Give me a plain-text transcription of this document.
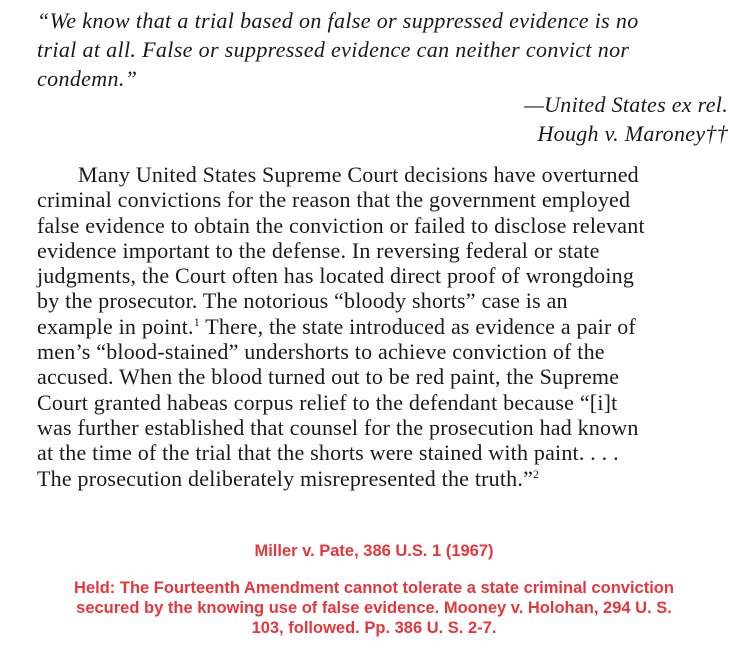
“We know that a trial based on false or suppressed evidence is no
trial at all. False or suppressed evidence can neither convict nor
condemn.”
—United States ex rel.
Hough v. Maroney††
Many United States Supreme Court decisions have overturned
criminal convictions for the reason that the government employed
false evidence to obtain the conviction or failed to disclose relevant
evidence important to the defense. In reversing federal or state
judgments, the Court often has located direct proof of wrongdoing
by the prosecutor. The notorious “bloody shorts” case is an
example in point.$^1$ There, the state introduced as evidence a pair of
men’s “blood-stained” undershorts to achieve conviction of the
accused. When the blood turned out to be red paint, the Supreme
Court granted habeas corpus relief to the defendant because “[i]t
was further established that counsel for the prosecution had known
at the time of the trial that the shorts were stained with paint. . . .
The prosecution deliberately misrepresented the truth.”$^2$
Miller v. Pate, 386 U.S. 1 (1967)
Held: The Fourteenth Amendment cannot tolerate a state criminal conviction
secured by the knowing use of false evidence. Mooney v. Holohan, 294 U. S.
103, followed. Pp. 386 U. S. 2-7.
